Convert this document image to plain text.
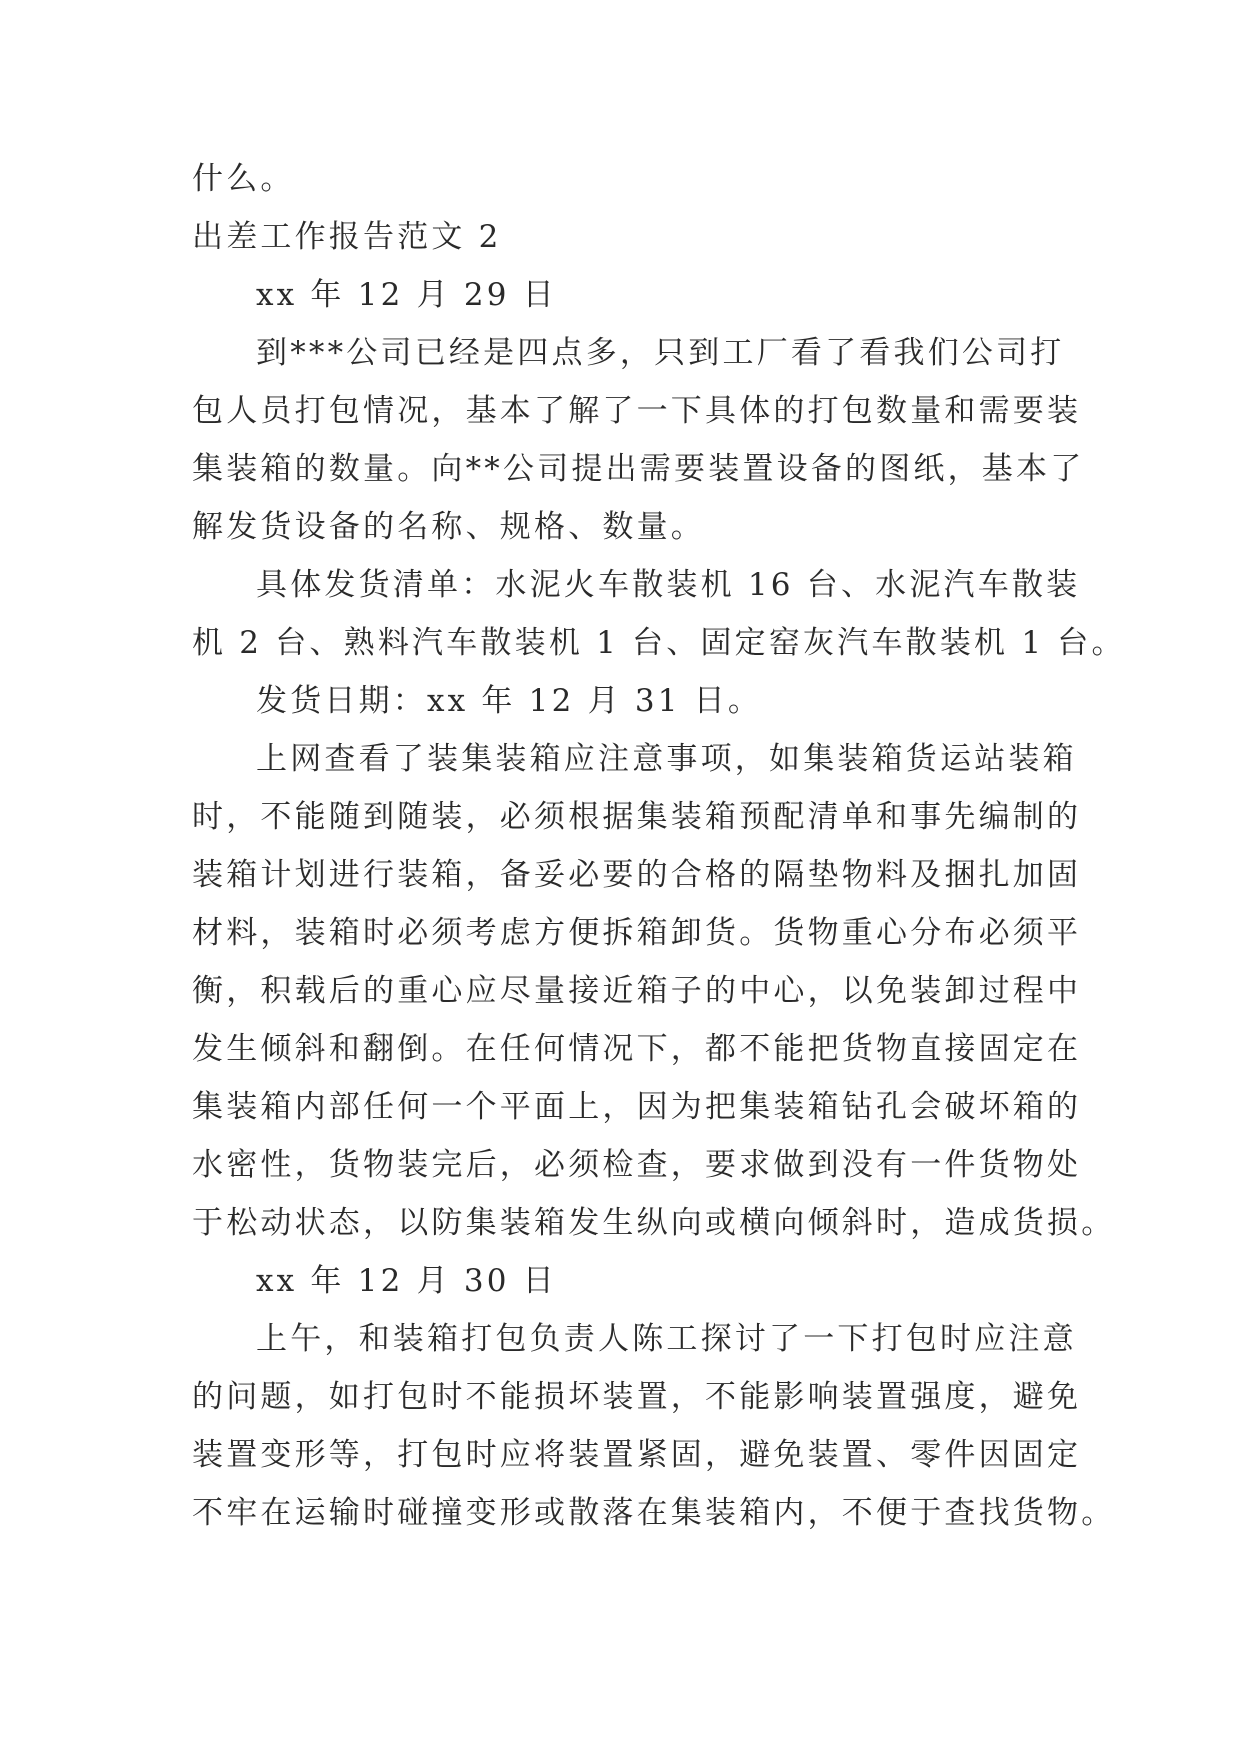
什么。
出差工作报告范文 2
xx 年 12 月 29 日
到***公司已经是四点多，只到工厂看了看我们公司打
包人员打包情况，基本了解了一下具体的打包数量和需要装
集装箱的数量。向**公司提出需要装置设备的图纸，基本了
解发货设备的名称、规格、数量。
具体发货清单：水泥火车散装机 16 台、水泥汽车散装
机 2 台、熟料汽车散装机 1 台、固定窑灰汽车散装机 1 台。
发货日期：xx 年 12 月 31 日。
上网查看了装集装箱应注意事项，如集装箱货运站装箱
时，不能随到随装，必须根据集装箱预配清单和事先编制的
装箱计划进行装箱，备妥必要的合格的隔垫物料及捆扎加固
材料，装箱时必须考虑方便拆箱卸货。货物重心分布必须平
衡，积载后的重心应尽量接近箱子的中心，以免装卸过程中
发生倾斜和翻倒。在任何情况下，都不能把货物直接固定在
集装箱内部任何一个平面上，因为把集装箱钻孔会破坏箱的
水密性，货物装完后，必须检查，要求做到没有一件货物处
于松动状态，以防集装箱发生纵向或横向倾斜时，造成货损。
xx 年 12 月 30 日
上午，和装箱打包负责人陈工探讨了一下打包时应注意
的问题，如打包时不能损坏装置，不能影响装置强度，避免
装置变形等，打包时应将装置紧固，避免装置、零件因固定
不牢在运输时碰撞变形或散落在集装箱内，不便于查找货物。
